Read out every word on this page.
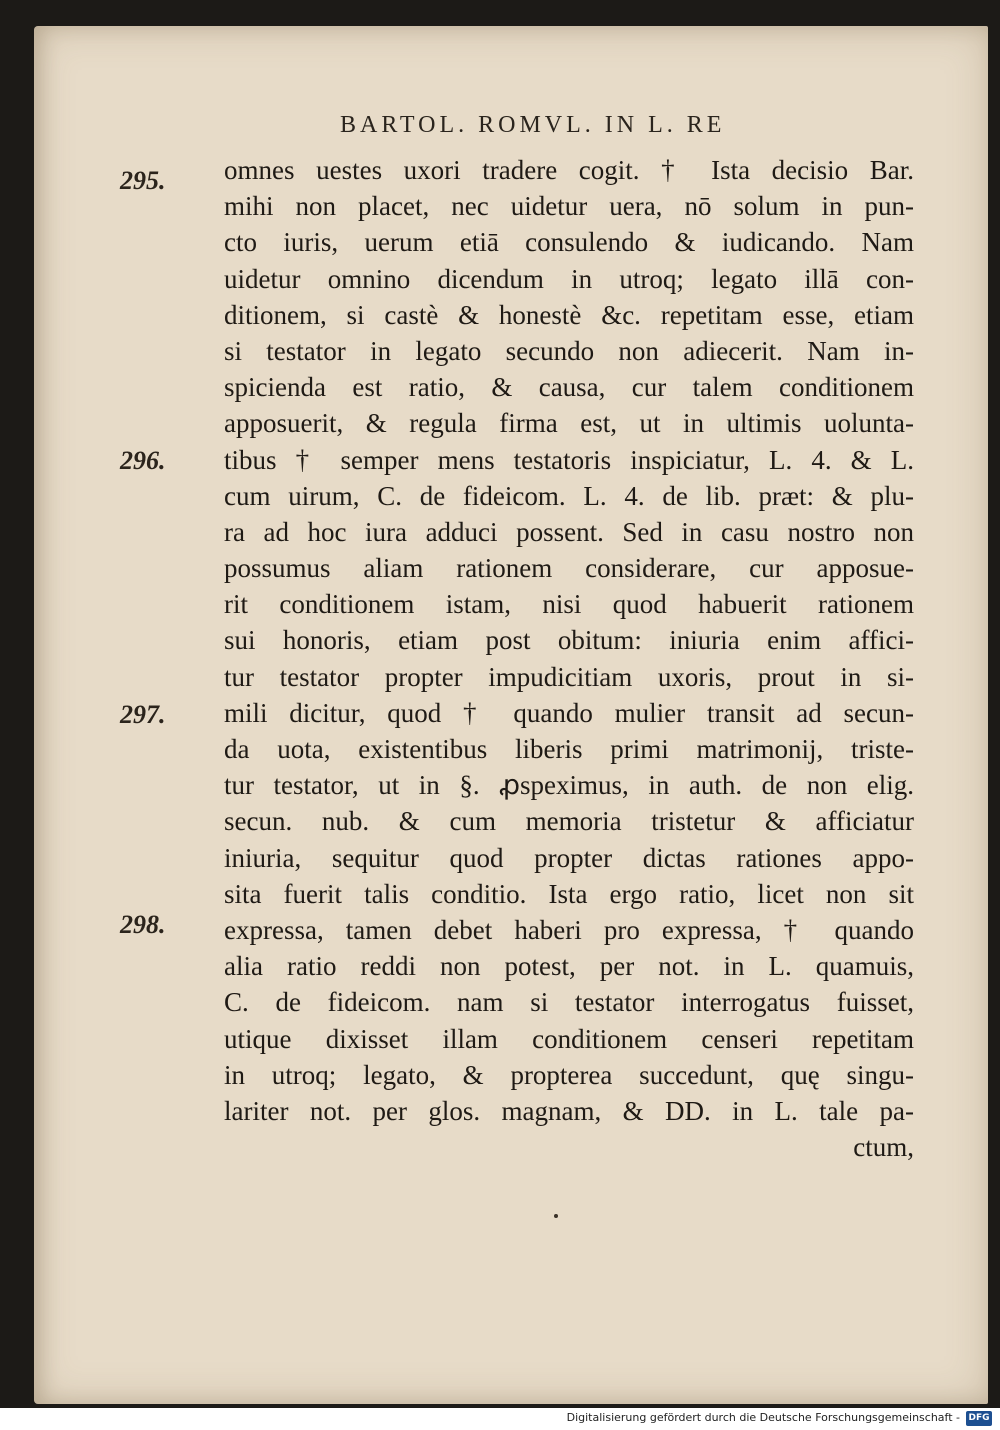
BARTOL. ROMVL. IN L. RE
295.
296.
297.
298.
omnes uestes uxori tradere cogit. † Ista decisio Bar.
mihi non placet, nec uidetur uera, nō solum in pun-
cto iuris, uerum etiā consulendo & iudicando. Nam
uidetur omnino dicendum in utroq; legato illā con-
ditionem, si castè & honestè &c. repetitam esse, etiam
si testator in legato secundo non adiecerit. Nam in-
spicienda est ratio, & causa, cur talem conditionem
apposuerit, & regula firma est, ut in ultimis uolunta-
tibus † semper mens testatoris inspiciatur, L. 4. & L.
cum uirum, C. de fideicom. L. 4. de lib. præt: & plu-
ra ad hoc iura adduci possent. Sed in casu nostro non
possumus aliam rationem considerare, cur apposue-
rit conditionem istam, nisi quod habuerit rationem
sui honoris, etiam post obitum: iniuria enim affici-
tur testator propter impudicitiam uxoris, prout in si-
mili dicitur, quod † quando mulier transit ad secun-
da uota, existentibus liberis primi matrimonij, triste-
tur testator, ut in §. ꝓspeximus, in auth. de non elig.
secun. nub. & cum memoria tristetur & afficiatur
iniuria, sequitur quod propter dictas rationes appo-
sita fuerit talis conditio. Ista ergo ratio, licet non sit
expressa, tamen debet haberi pro expressa, † quando
alia ratio reddi non potest, per not. in L. quamuis,
C. de fideicom. nam si testator interrogatus fuisset,
utique dixisset illam conditionem censeri repetitam
in utroq; legato, & propterea succedunt, quę singu-
lariter not. per glos. magnam, & DD. in L. tale pa-
ctum,
Digitalisierung gefördert durch die Deutsche Forschungsgemeinschaft - DFG
